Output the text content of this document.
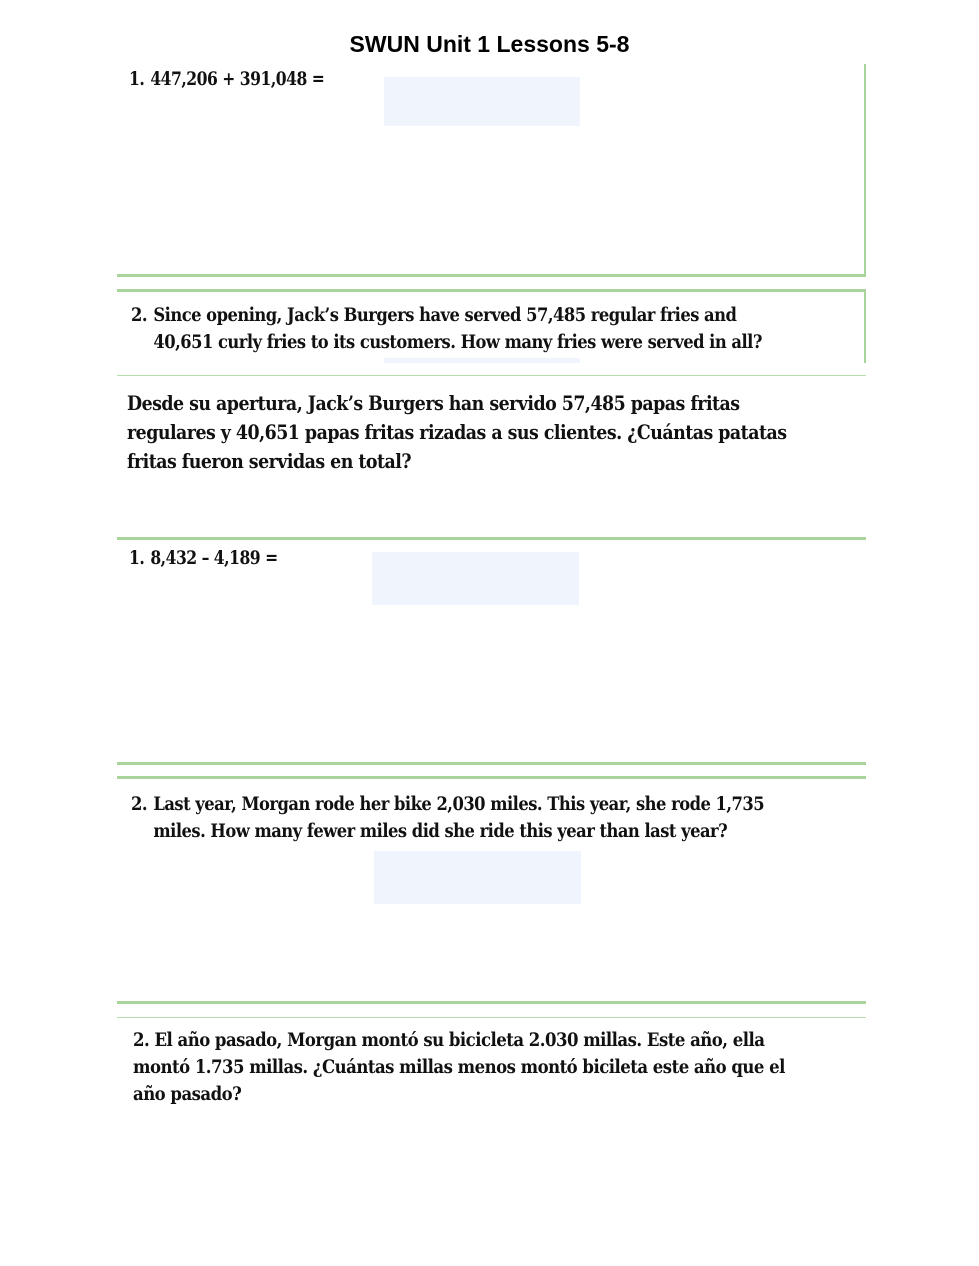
SWUN Unit 1 Lessons 5-8
1. 447,206 + 391,048 =
2. Since opening, Jack’s Burgers have served 57,485 regular fries and
40,651 curly fries to its customers. How many fries were served in all?
Desde su apertura, Jack’s Burgers han servido 57,485 papas fritas
regulares y 40,651 papas fritas rizadas a sus clientes. ¿Cuántas patatas
fritas fueron servidas en total?
1. 8,432 – 4,189 =
2. Last year, Morgan rode her bike 2,030 miles. This year, she rode 1,735
miles. How many fewer miles did she ride this year than last year?
2. El año pasado, Morgan montó su bicicleta 2.030 millas. Este año, ella
montó 1.735 millas. ¿Cuántas millas menos montó bicileta este año que el
año pasado?
